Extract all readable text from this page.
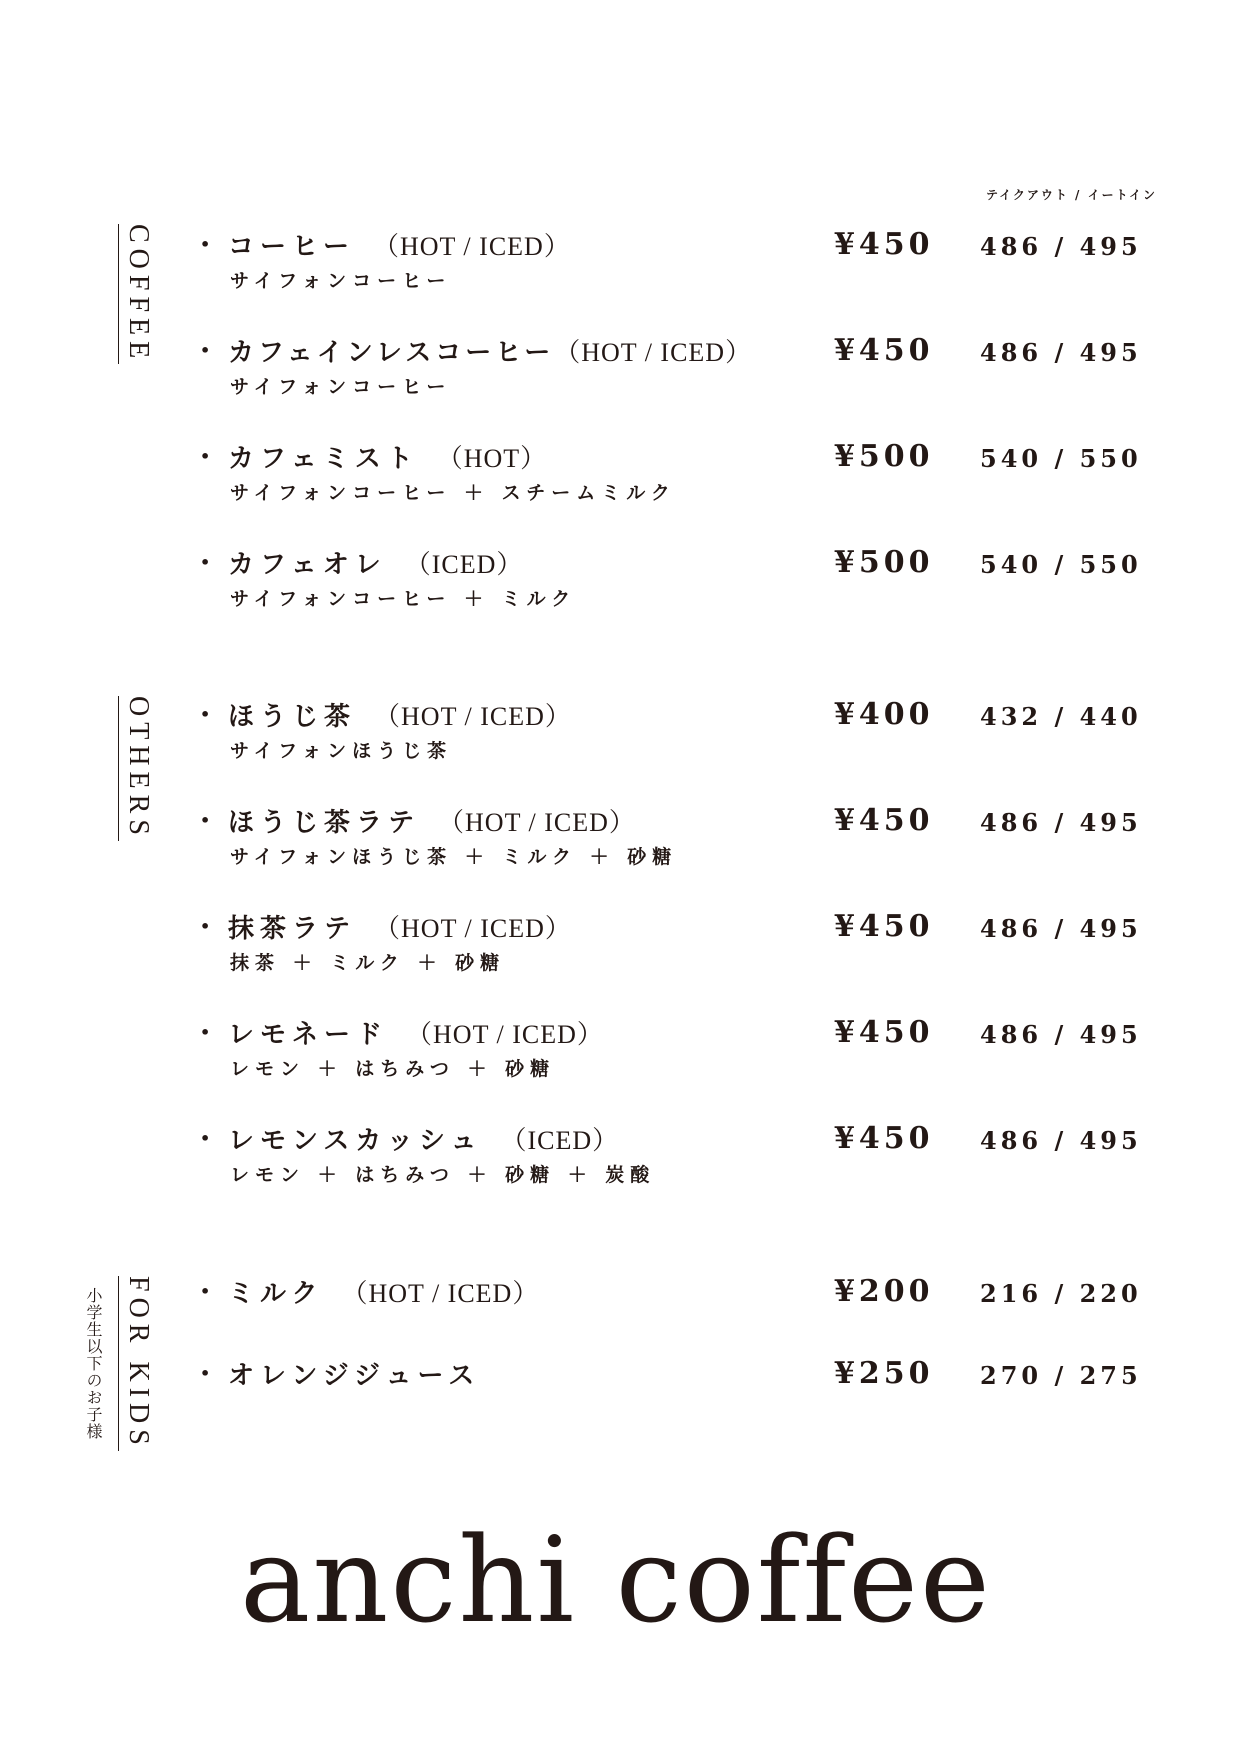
テイクアウト / イートイン
COFFEE
OTHERS
FOR KIDS
小学生以下のお子様
• コーヒー （HOT / ICED）
サイフォンコーヒー
¥450 486 / 495
• カフェインレスコーヒー （HOT / ICED）
サイフォンコーヒー
¥450 486 / 495
• カフェミスト （HOT）
サイフォンコーヒー ＋ スチームミルク
¥500 540 / 550
• カフェオレ （ICED）
サイフォンコーヒー ＋ ミルク
¥500 540 / 550
• ほうじ茶 （HOT / ICED）
サイフォンほうじ茶
¥400 432 / 440
• ほうじ茶ラテ （HOT / ICED）
サイフォンほうじ茶 ＋ ミルク ＋ 砂糖
¥450 486 / 495
• 抹茶ラテ （HOT / ICED）
抹茶 ＋ ミルク ＋ 砂糖
¥450 486 / 495
• レモネード （HOT / ICED）
レモン ＋ はちみつ ＋ 砂糖
¥450 486 / 495
• レモンスカッシュ （ICED）
レモン ＋ はちみつ ＋ 砂糖 ＋ 炭酸
¥450 486 / 495
• ミルク （HOT / ICED）	¥200 216 / 220
• オレンジジュース	¥250 270 / 275
anchi coffee
